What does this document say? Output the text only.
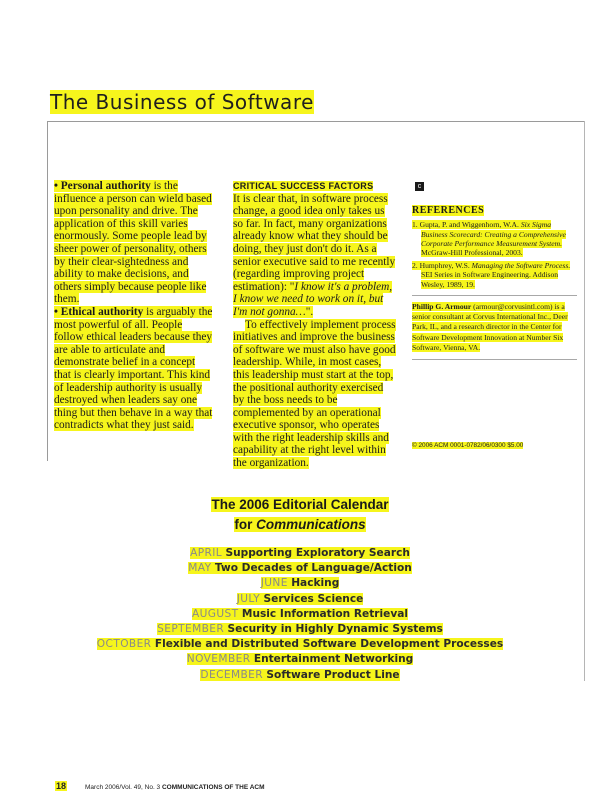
The Business of Software

• Personal authority is the influence a person can wield based upon personality and drive. The application of this skill varies enormously. Some people lead by sheer power of personality, others by their clear-sightedness and ability to make decisions, and others simply because people like them.

• Ethical authority is arguably the most powerful of all. People follow ethical leaders because they are able to articulate and demonstrate belief in a concept that is clearly important. This kind of leadership authority is usually destroyed when leaders say one thing but then behave in a way that contradicts what they just said.

CRITICAL SUCCESS FACTORS

It is clear that, in software process change, a good idea only takes us so far. In fact, many organizations already know what they should be doing, they just don't do it. As a senior executive said to me recently (regarding improving project estimation): "I know it's a problem, I know we need to work on it, but I'm not gonna…".

To effectively implement process initiatives and improve the business of software we must also have good leadership. While, in most cases, this leadership must start at the top, the positional authority exercised by the boss needs to be complemented by an operational executive sponsor, who operates with the right leadership skills and capability at the right level within the organization.

c

REFERENCES

1. Gupta, P. and Wiggenhorn, W.A. Six Sigma Business Scorecard: Creating a Comprehensive Corporate Performance Measurement System. McGraw-Hill Professional, 2003.

2. Humphrey, W.S. Managing the Software Process. SEI Series in Software Engineering. Addison Wesley, 1989, 19.

Phillip G. Armour (armour@corvusintl.com) is a senior consultant at Corvus International Inc., Deer Park, IL, and a research director in the Center for Software Development Innovation at Number Six Software, Vienna, VA.

© 2006 ACM 0001-0782/06/0300 $5.00
The 2006 Editorial Calendar
for Communications
APRIL Supporting Exploratory Search
MAY Two Decades of Language/Action
JUNE Hacking
JULY Services Science
AUGUST Music Information Retrieval
SEPTEMBER Security in Highly Dynamic Systems
OCTOBER Flexible and Distributed Software Development Processes
NOVEMBER Entertainment Networking
DECEMBER Software Product Line
18	March 2006/Vol. 49, No. 3 COMMUNICATIONS OF THE ACM
